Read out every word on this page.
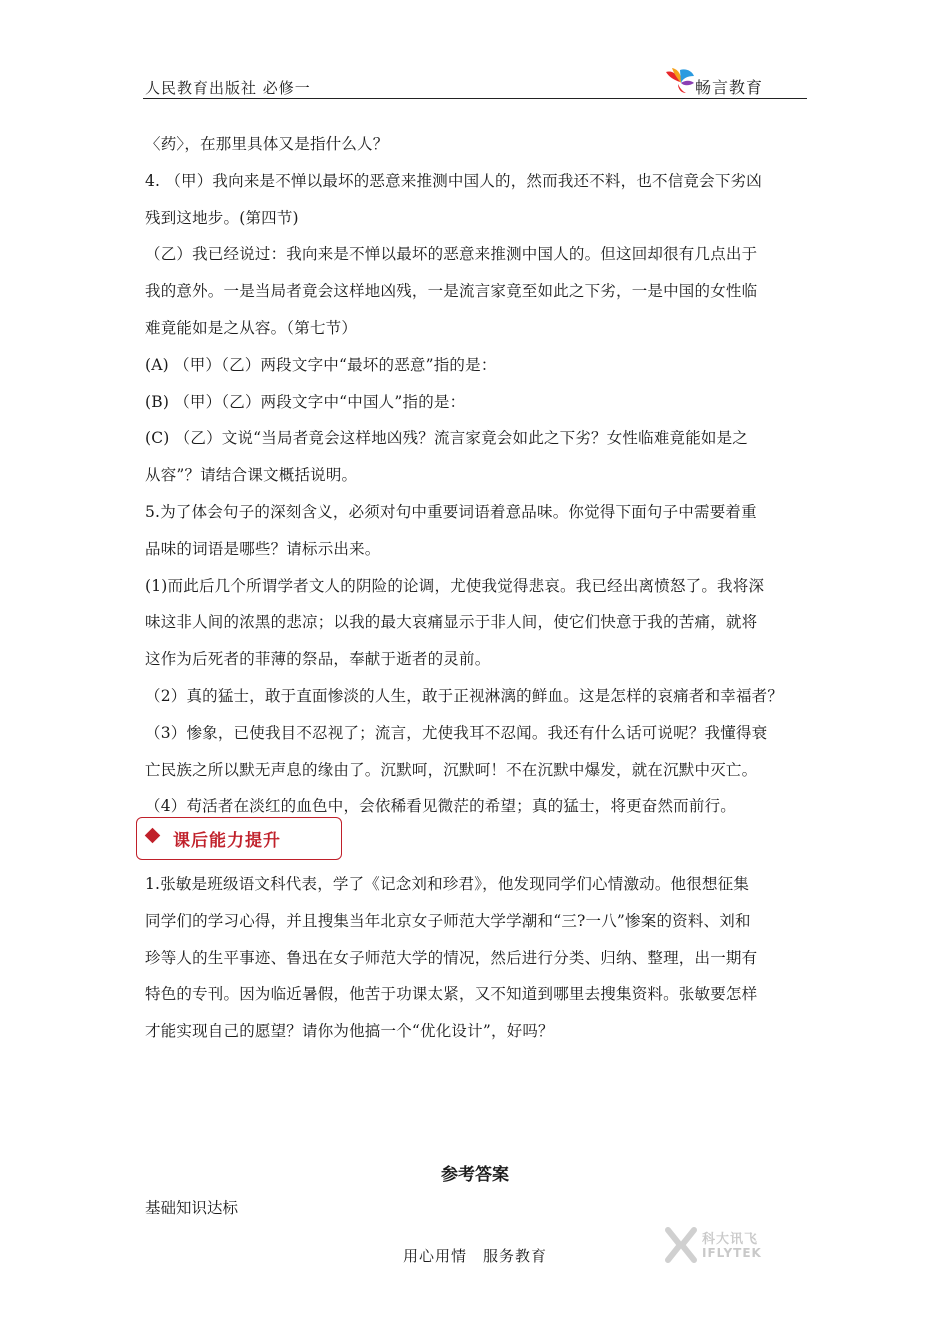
人民教育出版社 必修一	畅言教育
〈药〉，在那里具体又是指什么人？
4. （甲）我向来是不惮以最坏的恶意来推测中国人的，然而我还不料，也不信竟会下劣凶
残到这地步。(第四节)
（乙）我已经说过：我向来是不惮以最坏的恶意来推测中国人的。但这回却很有几点出于
我的意外。一是当局者竟会这样地凶残，一是流言家竟至如此之下劣，一是中国的女性临
难竟能如是之从容。（第七节）
(A) （甲）（乙）两段文字中“最坏的恶意”指的是：
(B) （甲）（乙）两段文字中“中国人”指的是：
(C) （乙）文说“当局者竟会这样地凶残？流言家竟会如此之下劣？女性临难竟能如是之
从容”？请结合课文概括说明。
5.为了体会句子的深刻含义，必须对句中重要词语着意品味。你觉得下面句子中需要着重
品味的词语是哪些？请标示出来。
(1)而此后几个所谓学者文人的阴险的论调，尤使我觉得悲哀。我已经出离愤怒了。我将深
味这非人间的浓黑的悲凉；以我的最大哀痛显示于非人间，使它们快意于我的苦痛，就将
这作为后死者的菲薄的祭品，奉献于逝者的灵前。
（2）真的猛士，敢于直面惨淡的人生，敢于正视淋漓的鲜血。这是怎样的哀痛者和幸福者？
（3）惨象，已使我目不忍视了；流言，尤使我耳不忍闻。我还有什么话可说呢？我懂得衰
亡民族之所以默无声息的缘由了。沉默呵，沉默呵！不在沉默中爆发，就在沉默中灭亡。
（4）苟活者在淡红的血色中，会依稀看见微茫的希望；真的猛士，将更奋然而前行。
课后能力提升
1.张敏是班级语文科代表，学了《记念刘和珍君》，他发现同学们心情激动。他很想征集
同学们的学习心得，并且搜集当年北京女子师范大学学潮和“三?一八”惨案的资料、刘和
珍等人的生平事迹、鲁迅在女子师范大学的情况，然后进行分类、归纳、整理，出一期有
特色的专刊。因为临近暑假，他苦于功课太紧，又不知道到哪里去搜集资料。张敏要怎样
才能实现自己的愿望？请你为他搞一个“优化设计”，好吗？
参考答案
基础知识达标
科大讯飞
IFLYTEK
用心用情　服务教育
